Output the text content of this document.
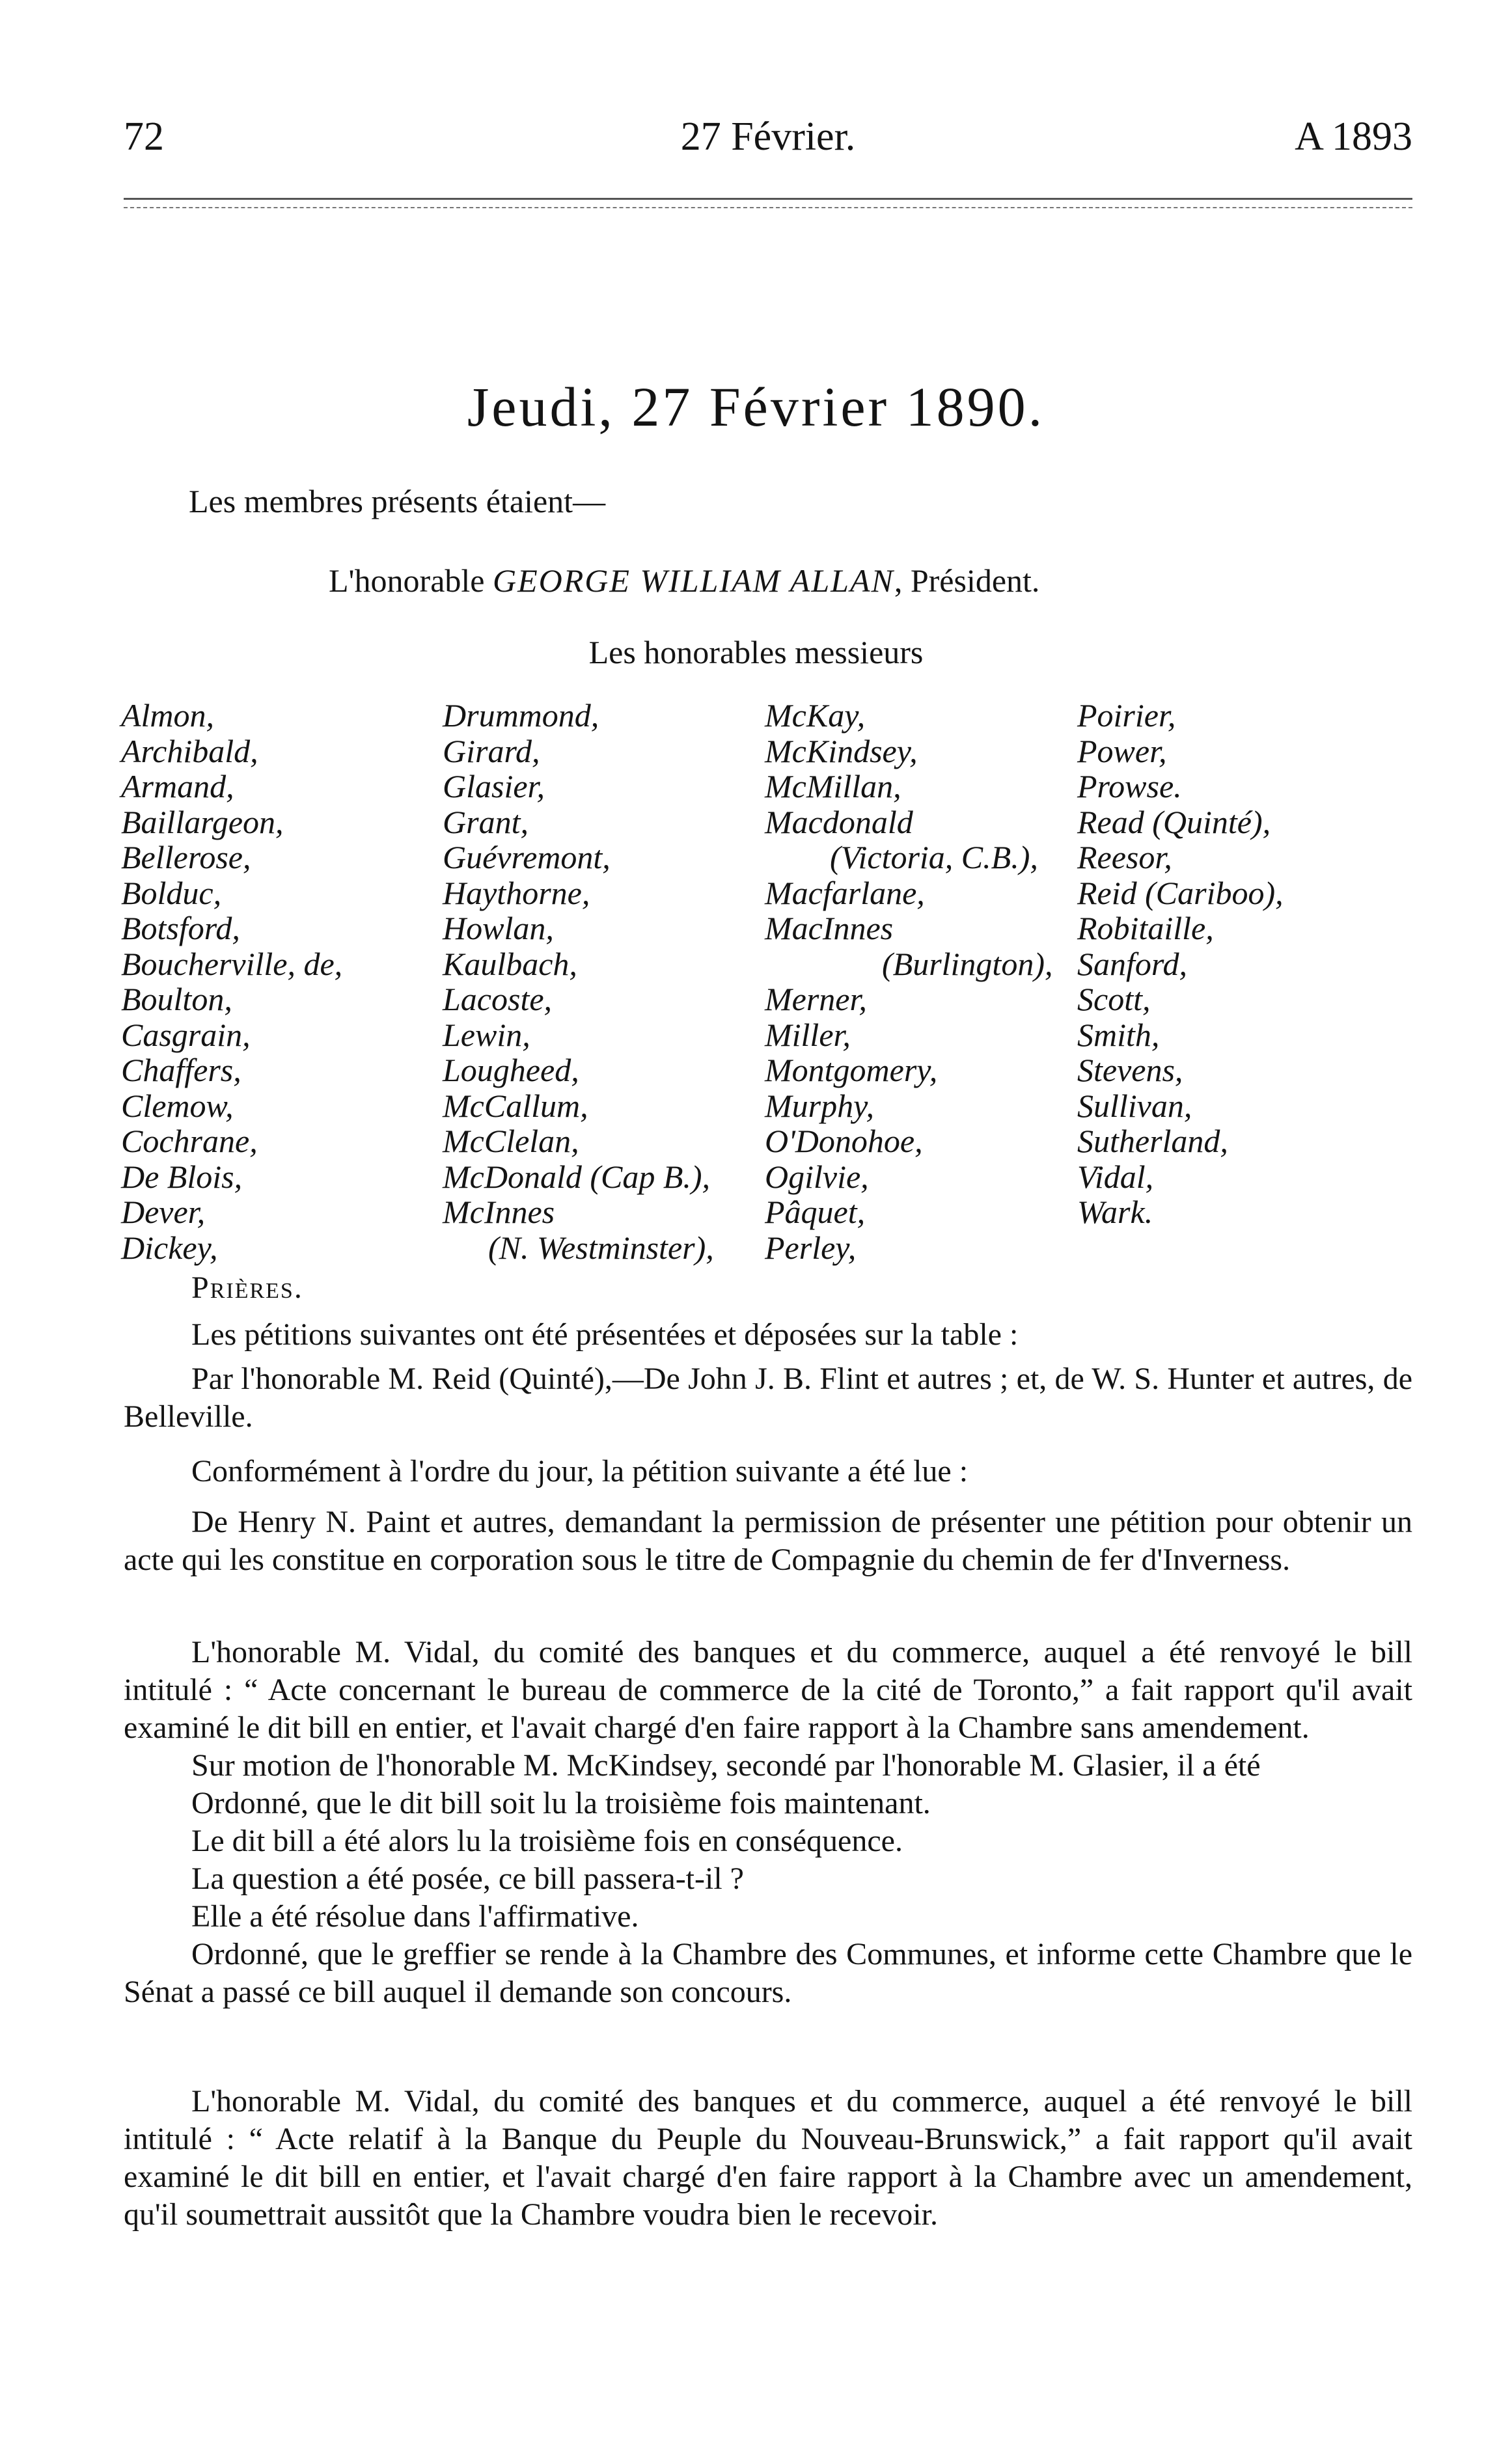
72	27 Février.	A 1893
Jeudi, 27 Février 1890.
Les membres présents étaient—
L'honorable GEORGE WILLIAM ALLAN, Président.
Les honorables messieurs
Almon,
Archibald,
Armand,
Baillargeon,
Bellerose,
Bolduc,
Botsford,
Boucherville, de,
Boulton,
Casgrain,
Chaffers,
Clemow,
Cochrane,
De Blois,
Dever,
Dickey,
Drummond,
Girard,
Glasier,
Grant,
Guévremont,
Haythorne,
Howlan,
Kaulbach,
Lacoste,
Lewin,
Lougheed,
McCallum,
McClelan,
McDonald (Cap B.),
McInnes
(N. Westminster),
McKay,
McKindsey,
McMillan,
Macdonald
(Victoria, C.B.),
Macfarlane,
MacInnes
(Burlington),
Merner,
Miller,
Montgomery,
Murphy,
O'Donohoe,
Ogilvie,
Pâquet,
Perley,
Poirier,
Power,
Prowse.
Read (Quinté),
Reesor,
Reid (Cariboo),
Robitaille,
Sanford,
Scott,
Smith,
Stevens,
Sullivan,
Sutherland,
Vidal,
Wark.

Prières.

Les pétitions suivantes ont été présentées et déposées sur la table :

Par l'honorable M. Reid (Quinté),—De John J. B. Flint et autres ; et, de W. S. Hunter et autres, de Belleville.

Conformément à l'ordre du jour, la pétition suivante a été lue :

De Henry N. Paint et autres, demandant la permission de présenter une pétition pour obtenir un acte qui les constitue en corporation sous le titre de Compagnie du chemin de fer d'Inverness.

L'honorable M. Vidal, du comité des banques et du commerce, auquel a été renvoyé le bill intitulé : “ Acte concernant le bureau de commerce de la cité de Toronto,” a fait rapport qu'il avait examiné le dit bill en entier, et l'avait chargé d'en faire rapport à la Chambre sans amendement.

Sur motion de l'honorable M. McKindsey, secondé par l'honorable M. Glasier, il a été

Ordonné, que le dit bill soit lu la troisième fois maintenant.

Le dit bill a été alors lu la troisième fois en conséquence.

La question a été posée, ce bill passera-t-il ?

Elle a été résolue dans l'affirmative.

Ordonné, que le greffier se rende à la Chambre des Communes, et informe cette Chambre que le Sénat a passé ce bill auquel il demande son concours.

L'honorable M. Vidal, du comité des banques et du commerce, auquel a été renvoyé le bill intitulé : “ Acte relatif à la Banque du Peuple du Nouveau-Brunswick,” a fait rapport qu'il avait examiné le dit bill en entier, et l'avait chargé d'en faire rapport à la Chambre avec un amendement, qu'il soumettrait aussitôt que la Chambre voudra bien le recevoir.
